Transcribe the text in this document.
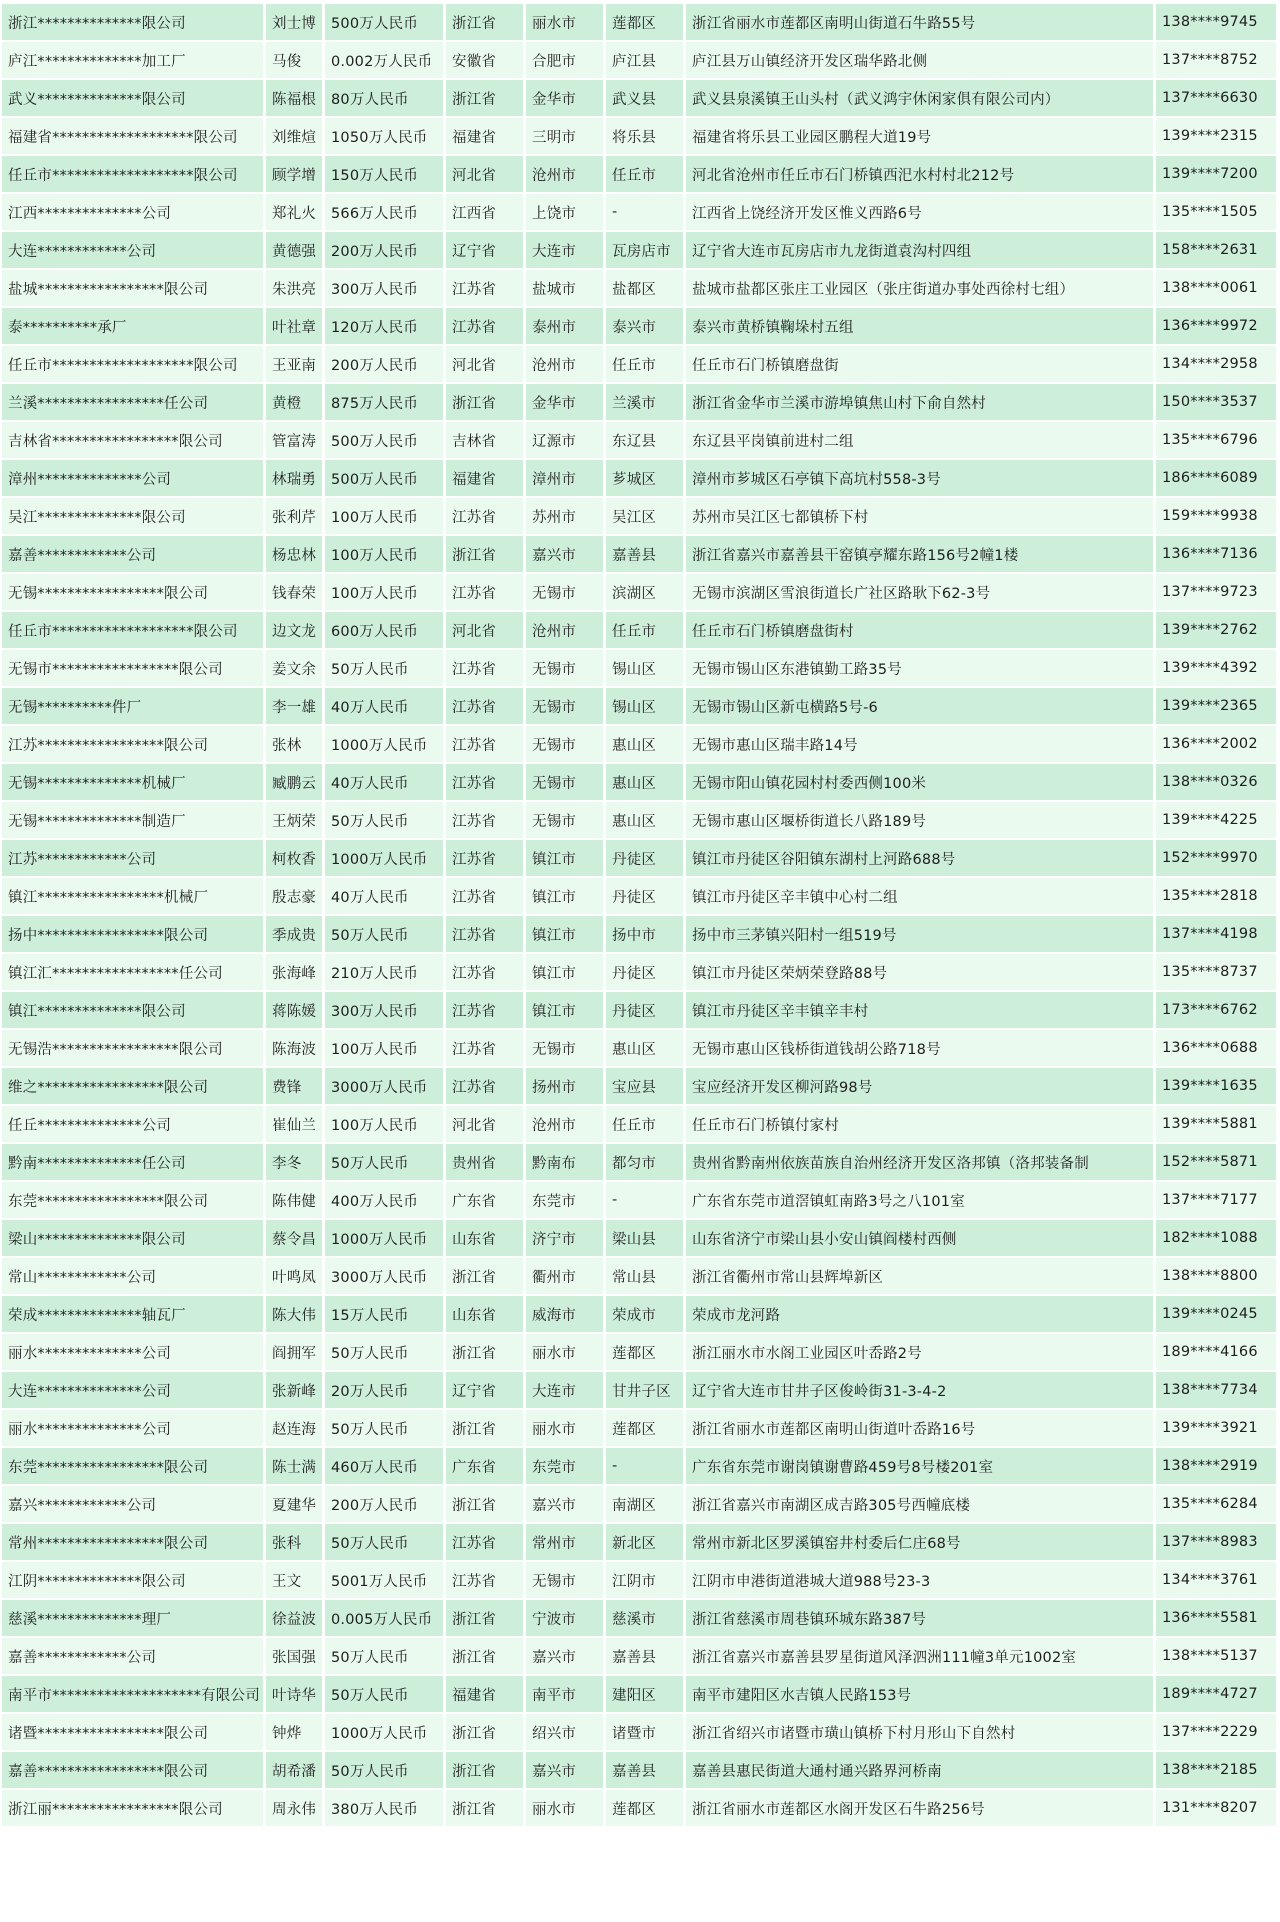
浙江**************限公司	刘士博	500万人民币	浙江省	丽水市	莲都区	浙江省丽水市莲都区南明山街道石牛路55号	138****9745
庐江**************加工厂	马俊	0.002万人民币	安徽省	合肥市	庐江县	庐江县万山镇经济开发区瑞华路北侧	137****8752
武义**************限公司	陈福根	80万人民币	浙江省	金华市	武义县	武义县泉溪镇王山头村（武义鸿宇休闲家俱有限公司内）	137****6630
福建省*******************限公司	刘维煊	1050万人民币	福建省	三明市	将乐县	福建省将乐县工业园区鹏程大道19号	139****2315
任丘市*******************限公司	顾学增	150万人民币	河北省	沧州市	任丘市	河北省沧州市任丘市石门桥镇西汜水村村北212号	139****7200
江西**************公司	郑礼火	566万人民币	江西省	上饶市	-	江西省上饶经济开发区惟义西路6号	135****1505
大连************公司	黄德强	200万人民币	辽宁省	大连市	瓦房店市	辽宁省大连市瓦房店市九龙街道袁沟村四组	158****2631
盐城*****************限公司	朱洪亮	300万人民币	江苏省	盐城市	盐都区	盐城市盐都区张庄工业园区（张庄街道办事处西徐村七组）	138****0061
泰**********承厂	叶社章	120万人民币	江苏省	泰州市	泰兴市	泰兴市黄桥镇鞠垛村五组	136****9972
任丘市*******************限公司	王亚南	200万人民币	河北省	沧州市	任丘市	任丘市石门桥镇磨盘街	134****2958
兰溪*****************任公司	黄橙	875万人民币	浙江省	金华市	兰溪市	浙江省金华市兰溪市游埠镇焦山村下俞自然村	150****3537
吉林省*****************限公司	管富涛	500万人民币	吉林省	辽源市	东辽县	东辽县平岗镇前进村二组	135****6796
漳州**************公司	林瑞勇	500万人民币	福建省	漳州市	芗城区	漳州市芗城区石亭镇下高坑村558-3号	186****6089
吴江**************限公司	张利芹	100万人民币	江苏省	苏州市	吴江区	苏州市吴江区七都镇桥下村	159****9938
嘉善************公司	杨忠林	100万人民币	浙江省	嘉兴市	嘉善县	浙江省嘉兴市嘉善县干窑镇亭耀东路156号2幢1楼	136****7136
无锡*****************限公司	钱春荣	100万人民币	江苏省	无锡市	滨湖区	无锡市滨湖区雪浪街道长广社区路耿下62-3号	137****9723
任丘市*******************限公司	边文龙	600万人民币	河北省	沧州市	任丘市	任丘市石门桥镇磨盘街村	139****2762
无锡市*****************限公司	姜文余	50万人民币	江苏省	无锡市	锡山区	无锡市锡山区东港镇勤工路35号	139****4392
无锡**********件厂	李一雄	40万人民币	江苏省	无锡市	锡山区	无锡市锡山区新屯横路5号-6	139****2365
江苏*****************限公司	张林	1000万人民币	江苏省	无锡市	惠山区	无锡市惠山区瑞丰路14号	136****2002
无锡**************机械厂	臧鹏云	40万人民币	江苏省	无锡市	惠山区	无锡市阳山镇花园村村委西侧100米	138****0326
无锡**************制造厂	王炳荣	50万人民币	江苏省	无锡市	惠山区	无锡市惠山区堰桥街道长八路189号	139****4225
江苏************公司	柯枚香	1000万人民币	江苏省	镇江市	丹徒区	镇江市丹徒区谷阳镇东湖村上河路688号	152****9970
镇江*****************机械厂	殷志豪	40万人民币	江苏省	镇江市	丹徒区	镇江市丹徒区辛丰镇中心村二组	135****2818
扬中*****************限公司	季成贵	50万人民币	江苏省	镇江市	扬中市	扬中市三茅镇兴阳村一组519号	137****4198
镇江汇*****************任公司	张海峰	210万人民币	江苏省	镇江市	丹徒区	镇江市丹徒区荣炳荣登路88号	135****8737
镇江**************限公司	蒋陈媛	300万人民币	江苏省	镇江市	丹徒区	镇江市丹徒区辛丰镇辛丰村	173****6762
无锡浩*****************限公司	陈海波	100万人民币	江苏省	无锡市	惠山区	无锡市惠山区钱桥街道钱胡公路718号	136****0688
维之*****************限公司	费锋	3000万人民币	江苏省	扬州市	宝应县	宝应经济开发区柳河路98号	139****1635
任丘**************公司	崔仙兰	100万人民币	河北省	沧州市	任丘市	任丘市石门桥镇付家村	139****5881
黔南**************任公司	李冬	50万人民币	贵州省	黔南布	都匀市	贵州省黔南州依族苗族自治州经济开发区洛邦镇（洛邦装备制	152****5871
东莞*****************限公司	陈伟健	400万人民币	广东省	东莞市	-	广东省东莞市道滘镇虹南路3号之八101室	137****7177
梁山**************限公司	蔡令昌	1000万人民币	山东省	济宁市	梁山县	山东省济宁市梁山县小安山镇阎楼村西侧	182****1088
常山************公司	叶鸣凤	3000万人民币	浙江省	衢州市	常山县	浙江省衢州市常山县辉埠新区	138****8800
荣成**************轴瓦厂	陈大伟	15万人民币	山东省	威海市	荣成市	荣成市龙河路	139****0245
丽水**************公司	阎拥军	50万人民币	浙江省	丽水市	莲都区	浙江丽水市水阁工业园区叶岙路2号	189****4166
大连**************公司	张新峰	20万人民币	辽宁省	大连市	甘井子区	辽宁省大连市甘井子区俊岭街31-3-4-2	138****7734
丽水**************公司	赵连海	50万人民币	浙江省	丽水市	莲都区	浙江省丽水市莲都区南明山街道叶岙路16号	139****3921
东莞*****************限公司	陈士满	460万人民币	广东省	东莞市	-	广东省东莞市谢岗镇谢曹路459号8号楼201室	138****2919
嘉兴************公司	夏建华	200万人民币	浙江省	嘉兴市	南湖区	浙江省嘉兴市南湖区成吉路305号西幢底楼	135****6284
常州*****************限公司	张科	50万人民币	江苏省	常州市	新北区	常州市新北区罗溪镇窑井村委后仁庄68号	137****8983
江阴**************限公司	王文	5001万人民币	江苏省	无锡市	江阴市	江阴市申港街道港城大道988号23-3	134****3761
慈溪**************理厂	徐益波	0.005万人民币	浙江省	宁波市	慈溪市	浙江省慈溪市周巷镇环城东路387号	136****5581
嘉善************公司	张国强	50万人民币	浙江省	嘉兴市	嘉善县	浙江省嘉兴市嘉善县罗星街道风泽泗洲111幢3单元1002室	138****5137
南平市********************有限公司	叶诗华	50万人民币	福建省	南平市	建阳区	南平市建阳区水吉镇人民路153号	189****4727
诸暨*****************限公司	钟烨	1000万人民币	浙江省	绍兴市	诸暨市	浙江省绍兴市诸暨市璜山镇桥下村月形山下自然村	137****2229
嘉善*****************限公司	胡希潘	50万人民币	浙江省	嘉兴市	嘉善县	嘉善县惠民街道大通村通兴路界河桥南	138****2185
浙江丽*****************限公司	周永伟	380万人民币	浙江省	丽水市	莲都区	浙江省丽水市莲都区水阁开发区石牛路256号	131****8207
